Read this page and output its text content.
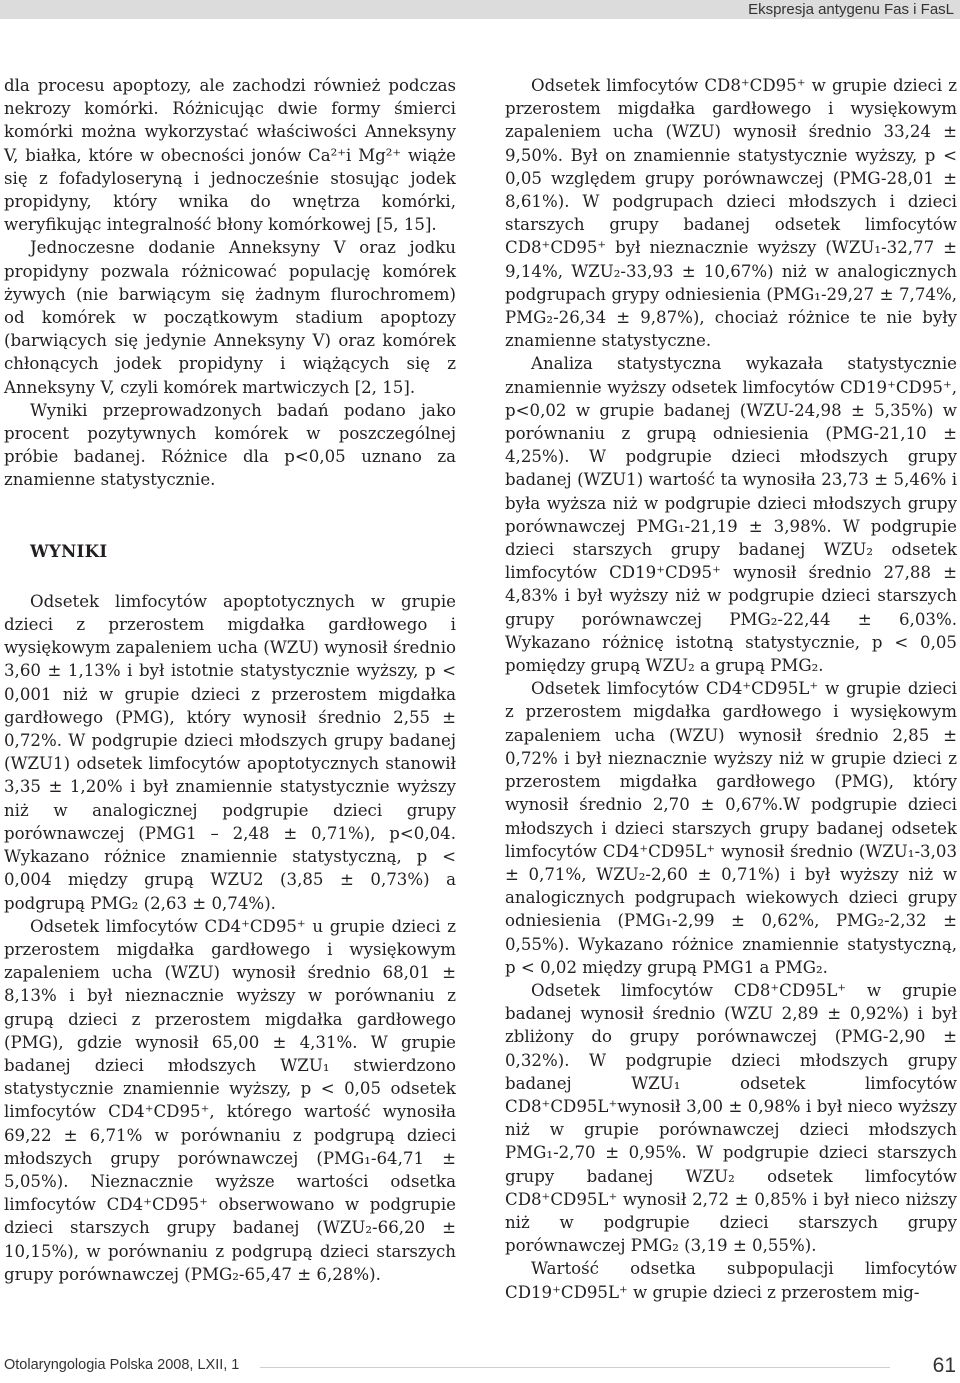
Ekspresja antygenu Fas i FasL

dla procesu apoptozy, ale zachodzi również podczas nekrozy komórki. Różnicując dwie formy śmierci komórki można wykorzystać właściwości Anneksyny V, białka, które w obecności jonów Ca²⁺i Mg²⁺ wiąże się z fofadyloseryną i jednocześnie stosując jodek propidyny, który wnika do wnętrza komórki, weryfikując integralność błony komórkowej [5, 15].

Jednoczesne dodanie Anneksyny V oraz jodku propidyny pozwala różnicować populację komórek żywych (nie barwiącym się żadnym flurochromem) od komórek w początkowym stadium apoptozy (barwiących się jedynie Anneksyny V) oraz komórek chłonących jodek propidyny i wiążących się z Anneksyny V, czyli komórek martwiczych [2, 15].

Wyniki przeprowadzonych badań podano jako procent pozytywnych komórek w poszczególnej próbie badanej. Różnice dla p<0,05 uznano za znamienne statystycznie.

WYNIKI

Odsetek limfocytów apoptotycznych w grupie dzieci z przerostem migdałka gardłowego i wysiękowym zapaleniem ucha (WZU) wynosił średnio 3,60 ± 1,13% i był istotnie statystycznie wyższy, p < 0,001 niż w grupie dzieci z przerostem migdałka gardłowego (PMG), który wynosił średnio 2,55 ± 0,72%. W podgrupie dzieci młodszych grupy badanej (WZU1) odsetek limfocytów apoptotycznych stanowił 3,35 ± 1,20% i był znamiennie statystycznie wyższy niż w analogicznej podgrupie dzieci grupy porównawczej (PMG1 – 2,48 ± 0,71%), p<0,04. Wykazano różnice znamiennie statystyczną, p < 0,004 między grupą WZU2 (3,85 ± 0,73%) a podgrupą PMG₂ (2,63 ± 0,74%).

Odsetek limfocytów CD4⁺CD95⁺ u grupie dzieci z przerostem migdałka gardłowego i wysiękowym zapaleniem ucha (WZU) wynosił średnio 68,01 ± 8,13% i był nieznacznie wyższy w porównaniu z grupą dzieci z przerostem migdałka gardłowego (PMG), gdzie wynosił 65,00 ± 4,31%. W grupie badanej dzieci młodszych WZU₁ stwierdzono statystycznie znamiennie wyższy, p < 0,05 odsetek limfocytów CD4⁺CD95⁺, którego wartość wynosiła 69,22 ± 6,71% w porównaniu z podgrupą dzieci młodszych grupy porównawczej (PMG₁-64,71 ± 5,05%). Nieznacznie wyższe wartości odsetka limfocytów CD4⁺CD95⁺ obserwowano w podgrupie dzieci starszych grupy badanej (WZU₂-66,20 ± 10,15%), w porównaniu z podgrupą dzieci starszych grupy porównawczej (PMG₂-65,47 ± 6,28%).

Odsetek limfocytów CD8⁺CD95⁺ w grupie dzieci z przerostem migdałka gardłowego i wysiękowym zapaleniem ucha (WZU) wynosił średnio 33,24 ± 9,50%. Był on znamiennie statystycznie wyższy, p < 0,05 względem grupy porównawczej (PMG-28,01 ± 8,61%). W podgrupach dzieci młodszych i dzieci starszych grupy badanej odsetek limfocytów CD8⁺CD95⁺ był nieznacznie wyższy (WZU₁-32,77 ± 9,14%, WZU₂-33,93 ± 10,67%) niż w analogicznych podgrupach grypy odniesienia (PMG₁-29,27 ± 7,74%, PMG₂-26,34 ± 9,87%), chociaż różnice te nie były znamienne statystyczne.

Analiza statystyczna wykazała statystycznie znamiennie wyższy odsetek limfocytów CD19⁺CD95⁺, p<0,02 w grupie badanej (WZU-24,98 ± 5,35%) w porównaniu z grupą odniesienia (PMG-21,10 ± 4,25%). W podgrupie dzieci młodszych grupy badanej (WZU1) wartość ta wynosiła 23,73 ± 5,46% i była wyższa niż w podgrupie dzieci młodszych grupy porównawczej PMG₁-21,19 ± 3,98%. W podgrupie dzieci starszych grupy badanej WZU₂ odsetek limfocytów CD19⁺CD95⁺ wynosił średnio 27,88 ± 4,83% i był wyższy niż w podgrupie dzieci starszych grupy porównawczej PMG₂-22,44 ± 6,03%. Wykazano różnicę istotną statystycznie, p < 0,05 pomiędzy grupą WZU₂ a grupą PMG₂.

Odsetek limfocytów CD4⁺CD95L⁺ w grupie dzieci z przerostem migdałka gardłowego i wysiękowym zapaleniem ucha (WZU) wynosił średnio 2,85 ± 0,72% i był nieznacznie wyższy niż w grupie dzieci z przerostem migdałka gardłowego (PMG), który wynosił średnio 2,70 ± 0,67%.W podgrupie dzieci młodszych i dzieci starszych grupy badanej odsetek limfocytów CD4⁺CD95L⁺ wynosił średnio (WZU₁-3,03 ± 0,71%, WZU₂-2,60 ± 0,71%) i był wyższy niż w analogicznych podgrupach wiekowych dzieci grupy odniesienia (PMG₁-2,99 ± 0,62%, PMG₂-2,32 ± 0,55%). Wykazano różnice znamiennie statystyczną, p < 0,02 między grupą PMG1 a PMG₂.

Odsetek limfocytów CD8⁺CD95L⁺ w grupie badanej wynosił średnio (WZU 2,89 ± 0,92%) i był zbliżony do grupy porównawczej (PMG-2,90 ± 0,32%). W podgrupie dzieci młodszych grupy badanej WZU₁ odsetek limfocytów CD8⁺CD95L⁺wynosił 3,00 ± 0,98% i był nieco wyższy niż w grupie porównawczej dzieci młodszych PMG₁-2,70 ± 0,95%. W podgrupie dzieci starszych grupy badanej WZU₂ odsetek limfocytów CD8⁺CD95L⁺ wynosił 2,72 ± 0,85% i był nieco niższy niż w podgrupie dzieci starszych grupy porównawczej PMG₂ (3,19 ± 0,55%).

Wartość odsetka subpopulacji limfocytów CD19⁺CD95L⁺ w grupie dzieci z przerostem mig-

Otolaryngologia Polska 2008, LXII, 1	61
